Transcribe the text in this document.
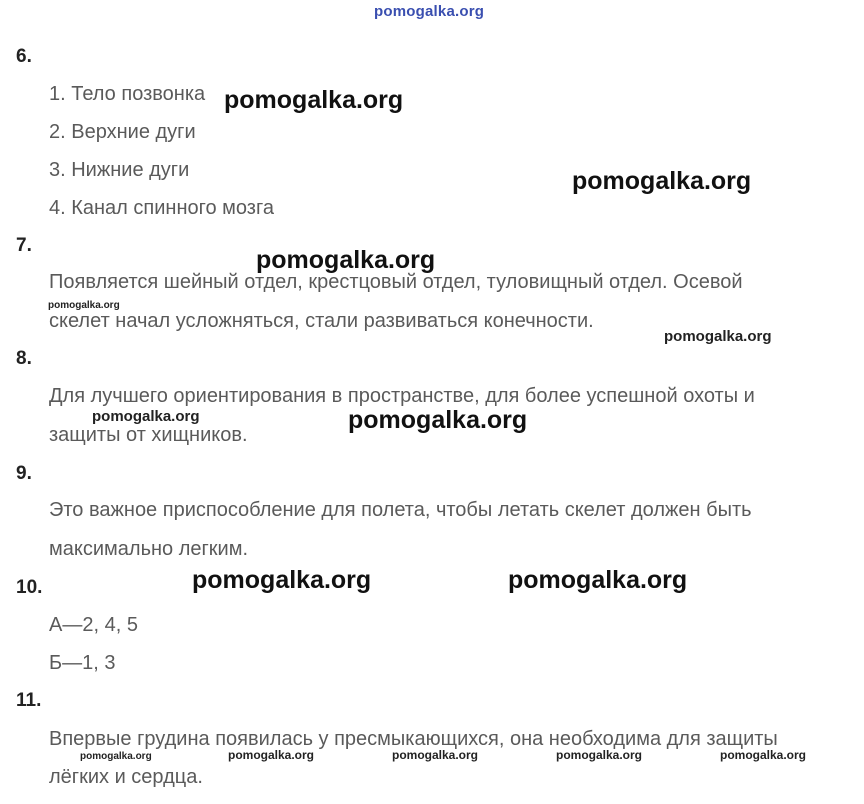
pomogalka.org
6.
1. Тело позвонка
2. Верхние дуги
3. Нижние дуги
4. Канал спинного мозга
7.
Появляется шейный отдел, крестцовый отдел, туловищный отдел. Осевой
скелет начал усложняться, стали развиваться конечности.
8.
Для лучшего ориентирования в пространстве, для более успешной охоты и
защиты от хищников.
9.
Это важное приспособление для полета, чтобы летать скелет должен быть
максимально легким.
10.
А—2, 4, 5
Б—1, 3
11.
Впервые грудина появилась у пресмыкающихся, она необходима для защиты
лёгких и сердца.
pomogalka.org
pomogalka.org
pomogalka.org
pomogalka.org
pomogalka.org
pomogalka.org	pomogalka.org
pomogalka.org	pomogalka.org
pomogalka.org	pomogalka.org	pomogalka.org	pomogalka.org	pomogalka.org
